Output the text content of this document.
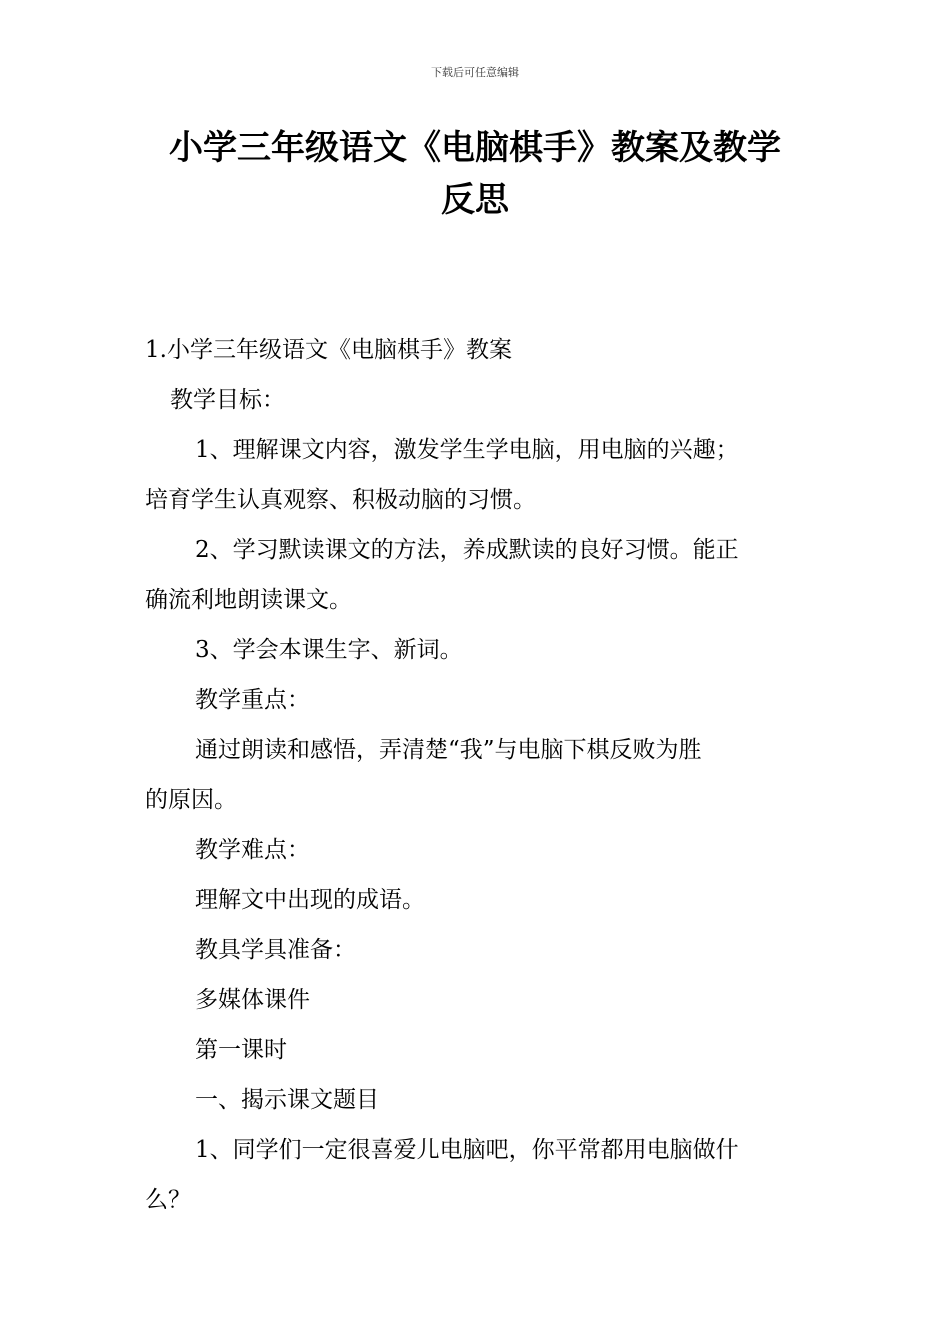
下载后可任意编辑
小学三年级语文《电脑棋手》教案及教学
反思

1.小学三年级语文《电脑棋手》教案

教学目标：

1、理解课文内容，激发学生学电脑，用电脑的兴趣；

培育学生认真观察、积极动脑的习惯。

2、学习默读课文的方法，养成默读的良好习惯。能正

确流利地朗读课文。

3、学会本课生字、新词。

教学重点：

通过朗读和感悟，弄清楚“我”与电脑下棋反败为胜

的原因。

教学难点：

理解文中出现的成语。

教具学具准备：

多媒体课件

第一课时

一、揭示课文题目

1、同学们一定很喜爱儿电脑吧，你平常都用电脑做什

么？
